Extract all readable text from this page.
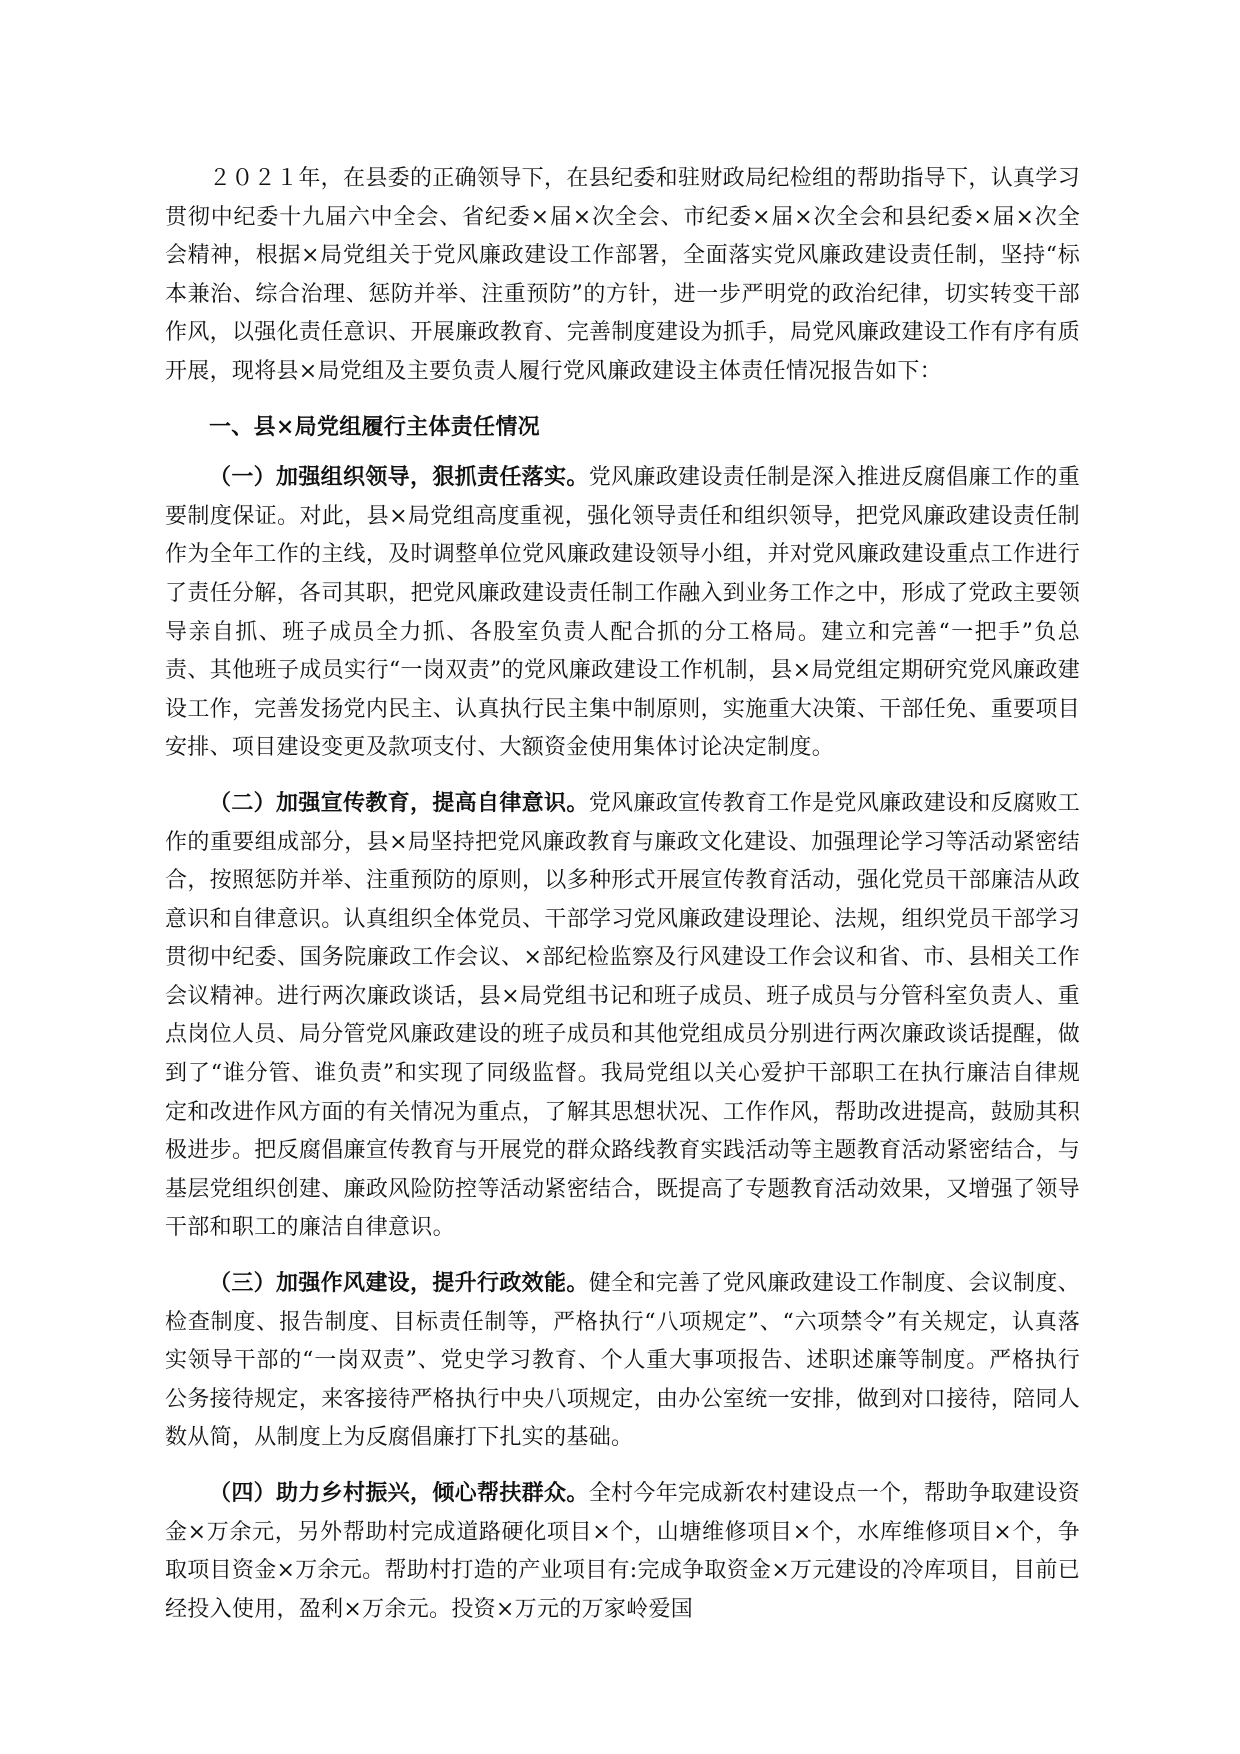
２０２１年，在县委的正确领导下，在县纪委和驻财政局纪检组的帮助指导下，认真学习贯彻中纪委十九届六中全会、省纪委×届×次全会、市纪委×届×次全会和县纪委×届×次全会精神，根据×局党组关于党风廉政建设工作部署，全面落实党风廉政建设责任制，坚持“标本兼治、综合治理、惩防并举、注重预防”的方针，进一步严明党的政治纪律，切实转变干部作风，以强化责任意识、开展廉政教育、完善制度建设为抓手，局党风廉政建设工作有序有质开展，现将县×局党组及主要负责人履行党风廉政建设主体责任情况报告如下：

一、县×局党组履行主体责任情况

（一）加强组织领导，狠抓责任落实。党风廉政建设责任制是深入推进反腐倡廉工作的重要制度保证。对此，县×局党组高度重视，强化领导责任和组织领导，把党风廉政建设责任制作为全年工作的主线，及时调整单位党风廉政建设领导小组，并对党风廉政建设重点工作进行了责任分解，各司其职，把党风廉政建设责任制工作融入到业务工作之中，形成了党政主要领导亲自抓、班子成员全力抓、各股室负责人配合抓的分工格局。建立和完善“一把手”负总责、其他班子成员实行“一岗双责”的党风廉政建设工作机制，县×局党组定期研究党风廉政建设工作，完善发扬党内民主、认真执行民主集中制原则，实施重大决策、干部任免、重要项目安排、项目建设变更及款项支付、大额资金使用集体讨论决定制度。

（二）加强宣传教育，提高自律意识。党风廉政宣传教育工作是党风廉政建设和反腐败工作的重要组成部分，县×局坚持把党风廉政教育与廉政文化建设、加强理论学习等活动紧密结合，按照惩防并举、注重预防的原则，以多种形式开展宣传教育活动，强化党员干部廉洁从政意识和自律意识。认真组织全体党员、干部学习党风廉政建设理论、法规，组织党员干部学习贯彻中纪委、国务院廉政工作会议、×部纪检监察及行风建设工作会议和省、市、县相关工作会议精神。进行两次廉政谈话，县×局党组书记和班子成员、班子成员与分管科室负责人、重点岗位人员、局分管党风廉政建设的班子成员和其他党组成员分别进行两次廉政谈话提醒，做到了“谁分管、谁负责”和实现了同级监督。我局党组以关心爱护干部职工在执行廉洁自律规定和改进作风方面的有关情况为重点，了解其思想状况、工作作风，帮助改进提高，鼓励其积极进步。把反腐倡廉宣传教育与开展党的群众路线教育实践活动等主题教育活动紧密结合，与基层党组织创建、廉政风险防控等活动紧密结合，既提高了专题教育活动效果，又增强了领导干部和职工的廉洁自律意识。

（三）加强作风建设，提升行政效能。健全和完善了党风廉政建设工作制度、会议制度、检查制度、报告制度、目标责任制等，严格执行“八项规定”、“六项禁令”有关规定，认真落实领导干部的“一岗双责”、党史学习教育、个人重大事项报告、述职述廉等制度。严格执行公务接待规定，来客接待严格执行中央八项规定，由办公室统一安排，做到对口接待，陪同人数从简，从制度上为反腐倡廉打下扎实的基础。

（四）助力乡村振兴，倾心帮扶群众。全村今年完成新农村建设点一个，帮助争取建设资金×万余元，另外帮助村完成道路硬化项目×个，山塘维修项目×个，水库维修项目×个，争取项目资金×万余元。帮助村打造的产业项目有:完成争取资金×万元建设的冷库项目，目前已经投入使用，盈利×万余元。投资×万元的万家岭爱国
